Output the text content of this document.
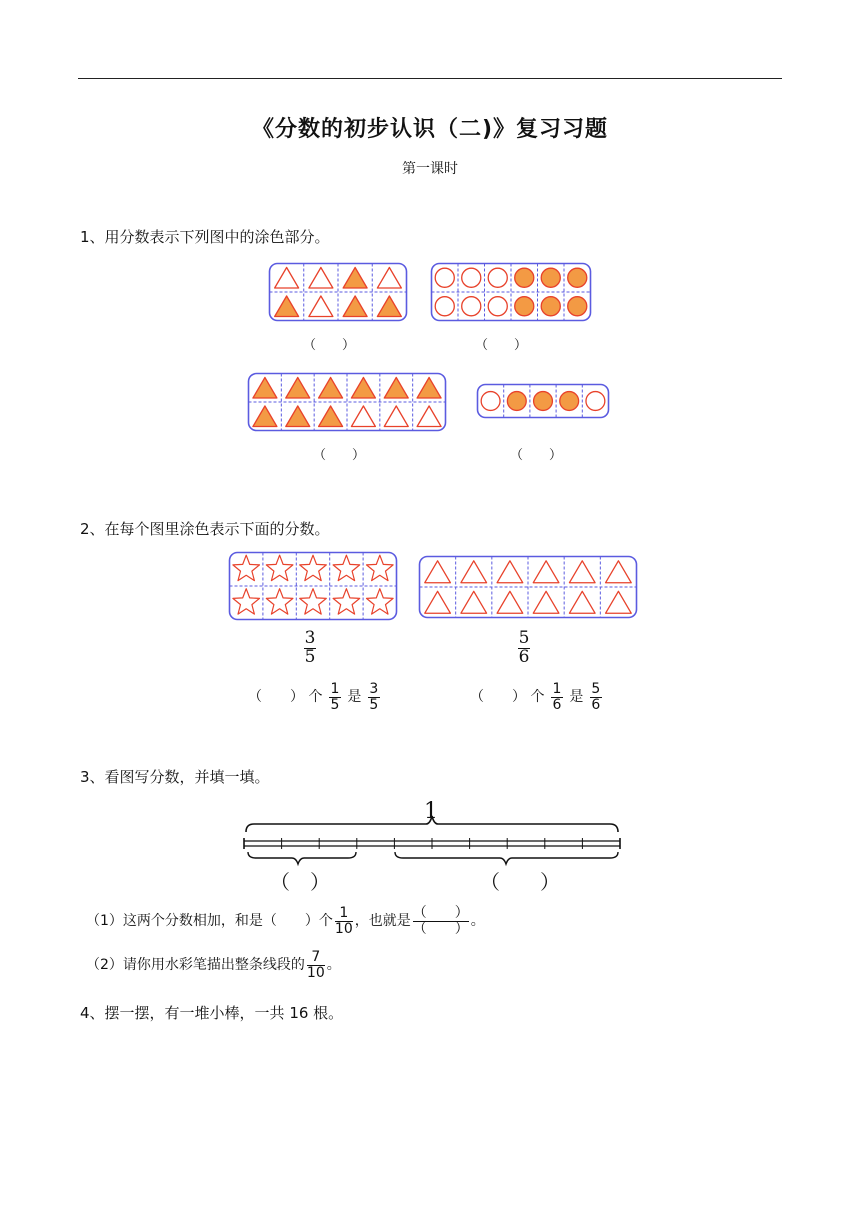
《分数的初步认识（二)》复习习题
第一课时
1、用分数表示下列图中的涂色部分。
（　　）	（　　）
（　　）	（　　）
2、在每个图里涂色表示下面的分数。
$\frac{3}{5}$	$\frac{5}{6}$
（　　） 个 $\frac{1}{5}$ 是 $\frac{3}{5}$	（　　） 个 $\frac{1}{6}$ 是 $\frac{5}{6}$
3、看图写分数，并填一填。
1
（　）	（　　）
（1）这两个分数相加，和是（　　）个 $\frac{1}{10}$ ，也就是 $\frac{( )}{( )}$ 。
（2）请你用水彩笔描出整条线段的 $\frac{7}{10}$ 。
4、摆一摆，有一堆小棒，一共 16 根。
